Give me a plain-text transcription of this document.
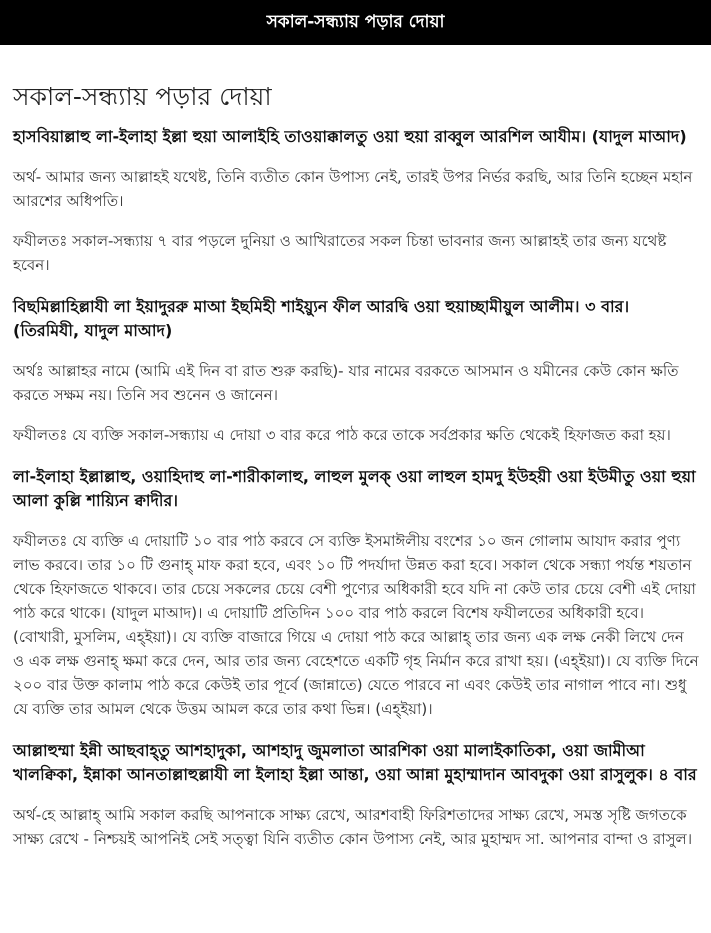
সকাল-সন্ধ্যায় পড়ার দোয়া
সকাল-সন্ধ্যায় পড়ার দোয়া
হাসবিয়াল্লাহু লা-ইলাহা ইল্লা হুয়া আলাইহি তাওয়াক্কালতু ওয়া হুয়া রাব্বুল আরশিল আযীম। (যাদুল মাআদ)

অর্থ- আমার জন্য আল্লাহই যথেষ্ট, তিনি ব্যতীত কোন উপাস্য নেই, তারই উপর নির্ভর করছি, আর তিনি হচ্ছেন মহান আরশের অধিপতি।

ফযীলতঃ সকাল-সন্ধ্যায় ৭ বার পড়লে দুনিয়া ও আখিরাতের সকল চিন্তা ভাবনার জন্য আল্লাহই তার জন্য যথেষ্ট হবেন।

বিছমিল্লাহিল্লাযী লা ইয়াদুররু মাআ ইছমিহী শাইয়্যুন ফীল আরদ্বি ওয়া হুয়াচ্ছামীয়ুল আলীম। ৩ বার। (তিরমিযী, যাদুল মাআদ)

অর্থঃ আল্লাহর নামে (আমি এই দিন বা রাত শুরু করছি)- যার নামের বরকতে আসমান ও যমীনের কেউ কোন ক্ষতি করতে সক্ষম নয়। তিনি সব শুনেন ও জানেন।

ফযীলতঃ যে ব্যক্তি সকাল-সন্ধ্যায় এ দোয়া ৩ বার করে পাঠ করে তাকে সর্বপ্রকার ক্ষতি থেকেই হিফাজত করা হয়।

লা-ইলাহা ইল্লাল্লাহু, ওয়াহিদাহু লা-শারীকালাহু, লাহুল মুলক্ ওয়া লাহুল হামদু ইউহয়ী ওয়া ইউমীতু ওয়া হুয়া আলা কুল্লি শায়্যিন ক্বাদীর।

ফযীলতঃ যে ব্যক্তি এ দোয়াটি ১০ বার পাঠ করবে সে ব্যক্তি ইসমাঈলীয় বংশের ১০ জন গোলাম আযাদ করার পুণ্য লাভ করবে। তার ১০ টি গুনাহ্ মাফ করা হবে, এবং ১০ টি পদর্যাদা উন্নত করা হবে। সকাল থেকে সন্ধ্যা পর্যন্ত শয়তান থেকে হিফাজতে থাকবে। তার চেয়ে সকলের চেয়ে বেশী পুণ্যের অধিকারী হবে যদি না কেউ তার চেয়ে বেশী এই দোয়া পাঠ করে থাকে। (যাদুল মাআদ)। এ দোয়াটি প্রতিদিন ১০০ বার পাঠ করলে বিশেষ ফযীলতের অধিকারী হবে। (বোখারী, মুসলিম, এহ্ইয়া)। যে ব্যক্তি বাজারে গিয়ে এ দোয়া পাঠ করে আল্লাহ্ তার জন্য এক লক্ষ নেকী লিখে দেন ও এক লক্ষ গুনাহ্ ক্ষমা করে দেন, আর তার জন্য বেহেশতে একটি গৃহ নির্মান করে রাখা হয়। (এহ্ইয়া)। যে ব্যক্তি দিনে ২০০ বার উক্ত কালাম পাঠ করে কেউই তার পূর্বে (জান্নাতে) যেতে পারবে না এবং কেউই তার নাগাল পাবে না। শুধু যে ব্যক্তি তার আমল থেকে উত্তম আমল করে তার কথা ভিন্ন। (এহ্ইয়া)।

আল্লাহুম্মা ইন্নী আছবাহ্তু আশহাদুকা, আশহাদু জুমলাতা আরশিকা ওয়া মালাইকাতিকা, ওয়া জামীআ খালক্বিকা, ইন্নাকা আনতাল্লাহুল্লাযী লা ইলাহা ইল্লা আন্তা, ওয়া আন্না মুহাম্মাদান আবদুকা ওয়া রাসুলুক। ৪ বার

অর্থ-হে আল্লাহ্ আমি সকাল করছি আপনাকে সাক্ষ্য রেখে, আরশবাহী ফিরিশতাদের সাক্ষ্য রেখে, সমস্ত সৃষ্টি জগতকে সাক্ষ্য রেখে - নিশ্চয়ই আপনিই সেই সত্ত্বা যিনি ব্যতীত কোন উপাস্য নেই, আর মুহাম্মদ সা. আপনার বান্দা ও রাসুল।
